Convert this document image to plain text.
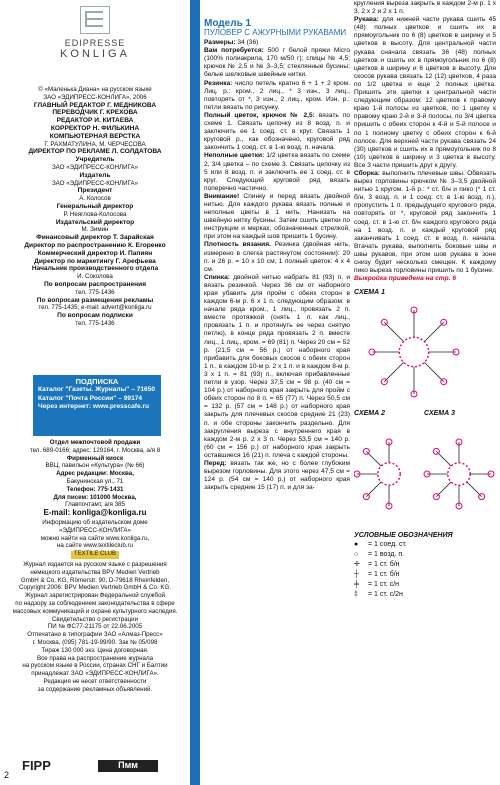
EDIPRESSE
KONLIGA
© «Маленька Диана» на русском языке
ЗАО «ЭДИПРЕСС-КОНЛИГА», 2006
ГЛАВНЫЙ РЕДАКТОР Г. МЕДНИКОВА
ПЕРЕВОДЧИК Г. КРЕХОВА
РЕДАКТОР И. КИТАЕВА
КОРРЕКТОР Н. ФИЛЬКИНА
КОМПЬЮТЕРНАЯ ВЕРСТКА
Г. РАХМАТУЛИНА, М. ЧЕРЧЕСОВА
ДИРЕКТОР ПО РЕКЛАМЕ Л. СОЛДАТОВА
Учредитель
ЗАО «ЭДИПРЕСС-КОНЛИГА»
Издатель
ЗАО «ЭДИПРЕСС-КОНЛИГА»
Президент
А. Колосов
Генеральный директор
Р. Неяглова-Колосова
Издательский директор
М. Зимин
Финансовый директор Т. Зарайская
Директор по распространению К. Егоренко
Коммерческий директор И. Папиян
Директор по маркетингу Г. Арефьева
Начальник производственного отдела
И. Соколова
По вопросам распространения
тел. 775-1436
По вопросам размещения рекламы
тел. 775-1435; e-mail: advert@konliga.ru
По вопросам подписки
тел. 775-1436
ПОДПИСКА
Каталог "Газеты. Журналы" – 71650
Каталог "Почта России" – 99174
Через интернет: www.presscafe.ru
Отдел межпочтовой продажи
тел. 689-0166; адрес: 129164, г. Москва, а/я 8
Фирменный киоск
ВВЦ, павильон «Культура» (№ 66)
Адрес редакции: Москва,
Бакунинская ул., 71
Телефон: 775-1431
Для писем: 101000 Москва,
Главпочтамт, а/я 385
E-mail: konliga@konliga.ru
Информацию об издательском доме
«ЭДИПРЕСС-КОНЛИГА»
можно найти на сайте www.konliga.ru,
на сайте www.textileclub.ru
TEXTILE CLUB
Журнал издается на русском языке с разрешения
немецкого издательства BPV Medien Vertrieb
GmbH & Co. KG, Römerstr. 90, D-79618 Rheinfelden,
Copyright 2006: BPV Medien Vertrieb GmbH & Co. KG.
Журнал зарегистрирован Федеральной службой
по надзору за соблюдением законодательства в сфере
массовых коммуникаций и охране культурного наследия.
Свидетельство о регистрации
ПИ № ФС77-21175 от 22.06.2005
Отпечатано в типографии ЗАО «Алмаз-Пресс»
г. Москва, (095) 781-19-99/90. Зак № 05/098
Тираж 130 000 экз. Цена договорная.
Все права на распространение журнала
на русском языке в России, странах СНГ и Балтии
принадлежат ЗАО «ЭДИПРЕСС-КОНЛИГА».
Редакция не несет ответственности
за содержание рекламных объявлений.
FIPP	Пмм
2
Модель 1
ПУЛОВЕР С АЖУРНЫМИ РУКАВАМИ

Размеры: 34 (36)

Вам потребуется: 500 г белой пряжи Micro (100% полиакрила, 170 м/50 г); спицы № 4,5; крючок № 2,5 и № 3–3,5; стеклянные бусины; белые шелковые швейные нитки.

Резинка: число петель кратно 6 + 1 + 2 кром. Лиц. р.: кром., 2 лиц., * 3 изн., 3 лиц., повторять от *, 3 изн., 2 лиц., кром. Изн. р.: петли вязать по рисунку.

Полный цветок, крючок № 2,5: вязать по схеме 1. Связать цепочку из 8 возд. п. и заключить ее 1 соед. ст. в круг. Связать 1 круговой р., как обозначено, круговой ряд закончить 1 соед. ст. в 1-ю возд. п. начала.

Неполные цветки: 1/2 цветка вязать по схеме 2, 3/4 цветка – по схеме 3. Связать цепочку из 5 или 8 возд. п. и заключить ее 1 соед. ст. в круг. Следующий круговой ряд вязать поперечно частично.

Внимание! Спинку и перед вязать двойной нитью. Для каждого рукава вязать полные и неполные цветы в 1 нить. Нанизать на швейную нитку бусины. Затем сшить цветки по инструкции и мерках, обозначенных стрелкой, при этом на каждый шов пришить 1 бусину.

Плотность вязания. Резинка (двойная нить, измерено в слегка растянутом состоянии): 20 п. и 26 р. = 10 х 10 см; 1 полный цветок: 4 х 4 см.

Спинка: двойной нитью набрать 81 (93) п. и вязать резинкой. Через 36 см от наборного края убавить для пройм с обеих сторон в каждом 6-м р. 6 х 1 п. следующим образом: в начале ряда кром., 1 лиц., провязать 2 п. вместе протяжкой (снять 1 п. как лиц., провязать 1 п. и протянуть ее через снятую петлю), в конце ряда провязать 2 п. вместе лиц., 1 лиц., кром. = 69 (81) п. Через 20 см = 52 р. (21,5 см = 56 р.) от наборного края прибавить для боковых скосов с обеих сторон 1 п., в каждом 10-м р. 2 х 1 п. и в каждом 8-м р. 3 х 1 п. = 81 (93) п., включая прибавленные петли в узор. Через 37,5 см = 98 р. (40 см = 104 р.) от наборного края закрыть для пройм с обеих сторон по 8 п. = 65 (77) п. Через 50,5 см = 132 р. (57 см = 148 р.) от наборного края закрыть для плечевых скосов средние 21 (23) п. и обе стороны закончить раздельно. Для закругления выреза с внутреннего края в каждом 2-м р. 2 х 3 п. Через 53,5 см = 140 р. (60 см = 156 р.) от наборного края закрыть оставшиеся 16 (21) п. плеча с каждой стороны.

Перед: вязать так же, но с более глубоким вырезом горловины. Для этого через 47,5 см = 124 р. (54 см = 140 р.) от наборного края закрыть средние 15 (17) п. и для за-

кругления выреза закрыть в каждом 2-м р. 1 х 3, 2 х 2 и 2 х 1 п.

Рукава: для нижней части рукава сшить 45 (48) полных цветков и сшить их в прямоугольник по 6 (8) цветков в ширину и 5 цветков в высоту. Для центральной части рукава сначала связать 36 (48) полных цветков и сшить их в прямоугольник по 6 (8) цветков в ширину и 6 цветков в высоту. Для скосов рукава связать 12 (12) цветков, 4 раза по 1/2 цветка и еще 2 полных цветка. Пришить эти цветки к центральной части следующим образом: 12 цветков к правому краю 1-й полосы из цветков, по 1 цветку к правому краю 2-й и 3-й полосы, по 3/4 цветка пришить с обеих сторон к 4-й и 5-й полосе и по 1 полному цветку с обеих сторон к 6-й полосе. Для верхней части рукава связать 24 (30) цветков и сшить их в прямоугольник по 8 (10) цветков в ширину и 3 цветка в высоту. Все 3 части пришить друг к другу.

Сборка: выполнить плечевые швы. Обвязать вырез горловины крючком № 3–3,5 двойной нитью 1 кругом. 1-й р.: * ст. б/н и пико (* 1 ст. б/н, 3 возд. п. и 1 соед. ст. в 1-ю возд. п.), пропустить 1 п. предыдущего кругового ряда, повторять от *, круговой ряд закончить 1 соед. ст. в 1-ю ст. б/н каждого кругового ряда на 1 возд. п. и каждый круговой ряд заканчивать 1 соед. ст. в возд. п. начала. Втачать рукава, выполнить боковые швы и швы рукавов, при этом шов рукава в зоне снизу будет несколько смещен. К каждому пико выреза горловины пришить по 1 бусине.

Выкройка приведена на стр. 6

СХЕМА 1
СХЕМА 2	СХЕМА 3
УСЛОВНЫЕ ОБОЗНАЧЕНИЯ
● = 1 соед. ст.
○ = 1 возд. п.
✛ = 1 ст. б/н
┼ = 1 ст. б/н
╪ = 1 ст. с/н
‡ = 1 ст. с/2н
